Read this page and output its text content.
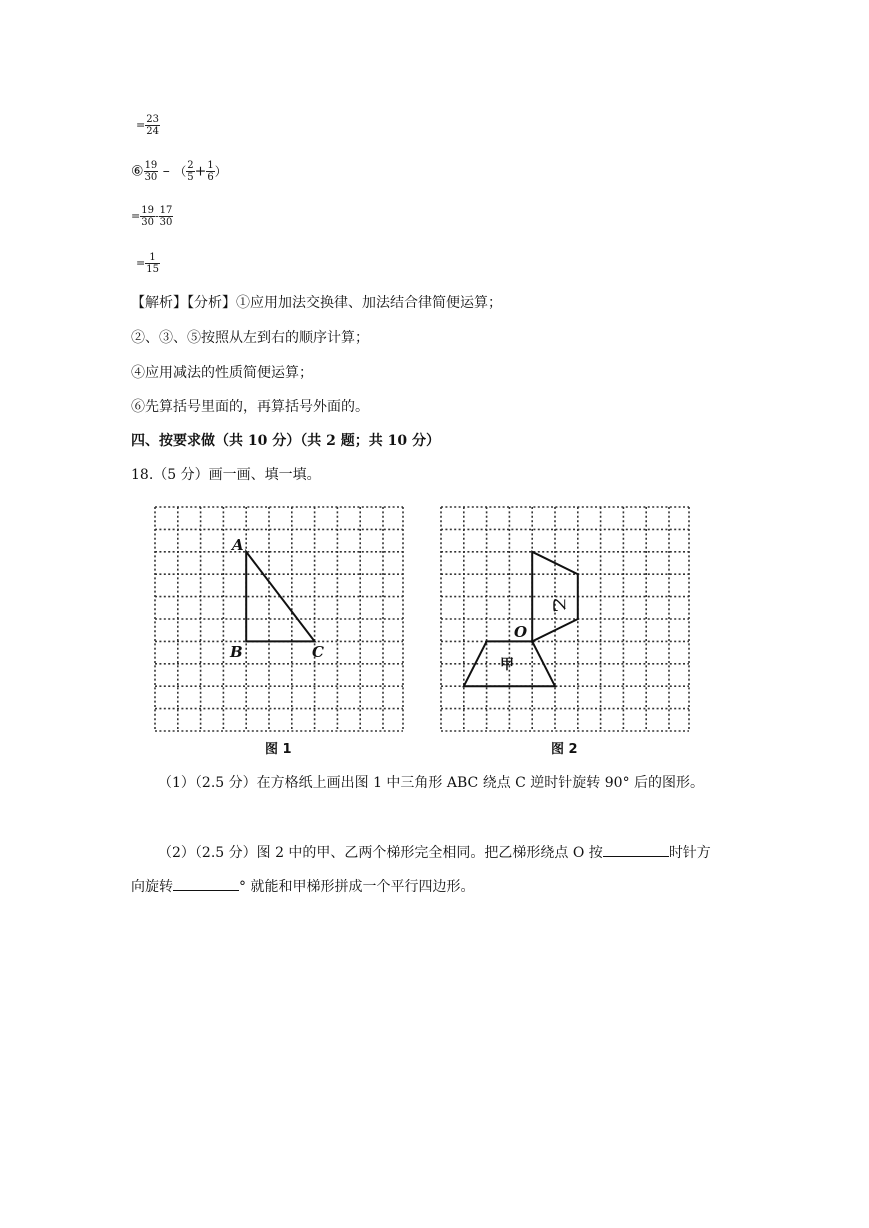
= $\frac{23}{24}$
⑥ $\frac{19}{30}$ – （ $\frac{2}{5} + \frac{1}{6}$ ）
= $\frac{19}{30} - \frac{17}{30}$
= $\frac{1}{15}$
【解析】【分析】①应用加法交换律、加法结合律简便运算；
②、③、⑤按照从左到右的顺序计算；
④应用减法的性质简便运算；
⑥先算括号里面的，再算括号外面的。
四、按要求做（共 10 分）（共 2 题；共 10 分）
18.（5 分）画一画、填一填。
A
B	C
图 1
O
甲
乙
图 2
（1）（2.5 分）在方格纸上画出图 1 中三角形 ABC 绕点 C 逆时针旋转 90° 后的图形。
（2）（2.5 分）图 2 中的甲、乙两个梯形完全相同。把乙梯形绕点 O 按	时针方
向旋转	° 就能和甲梯形拼成一个平行四边形。
